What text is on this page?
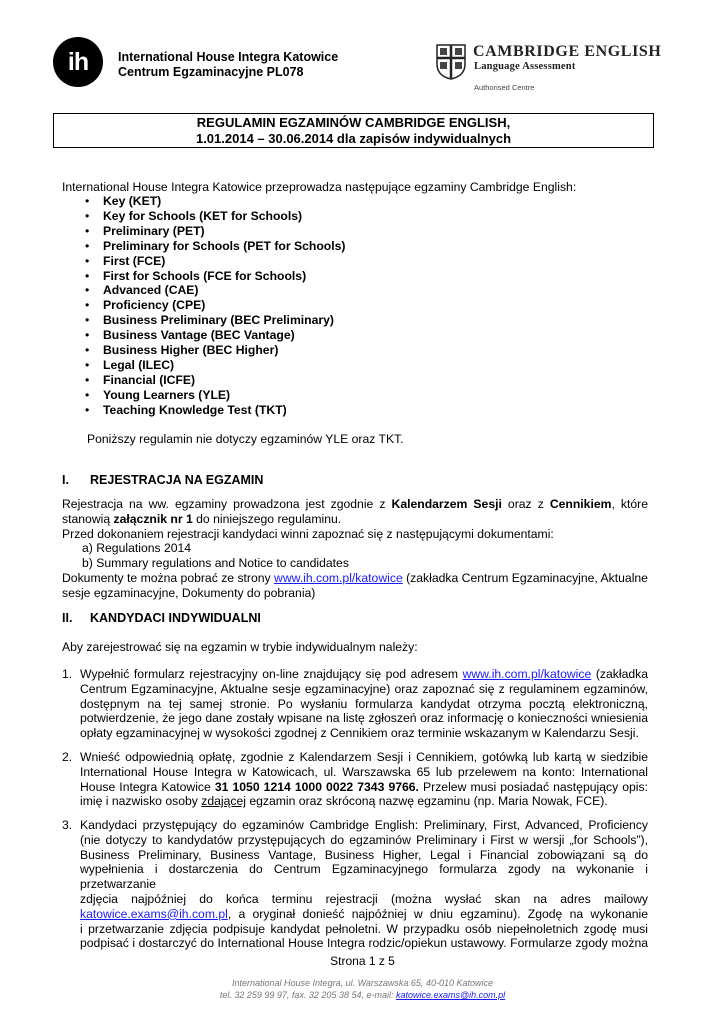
ih	International House Integra Katowice
Centrum Egzaminacyjne PL078
CAMBRIDGE ENGLISH
Language Assessment
Authorised Centre
REGULAMIN EGZAMINÓW CAMBRIDGE ENGLISH,
1.01.2014 – 30.06.2014 dla zapisów indywidualnych
International House Integra Katowice przeprowadza następujące egzaminy Cambridge English:
• Key (KET)
• Key for Schools (KET for Schools)
• Preliminary (PET)
• Preliminary for Schools (PET for Schools)
• First (FCE)
• First for Schools (FCE for Schools)
• Advanced (CAE)
• Proficiency (CPE)
• Business Preliminary (BEC Preliminary)
• Business Vantage (BEC Vantage)
• Business Higher (BEC Higher)
• Legal (ILEC)
• Financial (ICFE)
• Young Learners (YLE)
• Teaching Knowledge Test (TKT)
Poniższy regulamin nie dotyczy egzaminów YLE oraz TKT.
I. REJESTRACJA NA EGZAMIN
Rejestracja na ww. egzaminy prowadzona jest zgodnie z Kalendarzem Sesji oraz z Cennikiem, które
stanowią załącznik nr 1 do niniejszego regulaminu.
Przed dokonaniem rejestracji kandydaci winni zapoznać się z następującymi dokumentami:
a) Regulations 2014
b) Summary regulations and Notice to candidates
Dokumenty te można pobrać ze strony www.ih.com.pl/katowice (zakładka Centrum Egzaminacyjne, Aktualne
sesje egzaminacyjne, Dokumenty do pobrania)
II. KANDYDACI INDYWIDUALNI
Aby zarejestrować się na egzamin w trybie indywidualnym należy:
1. Wypełnić formularz rejestracyjny on-line znajdujący się pod adresem www.ih.com.pl/katowice (zakładka
Centrum Egzaminacyjne, Aktualne sesje egzaminacyjne) oraz zapoznać się z regulaminem egzaminów,
dostępnym na tej samej stronie. Po wysłaniu formularza kandydat otrzyma pocztą elektroniczną,
potwierdzenie, że jego dane zostały wpisane na listę zgłoszeń oraz informację o konieczności wniesienia
opłaty egzaminacyjnej w wysokości zgodnej z Cennikiem oraz terminie wskazanym w Kalendarzu Sesji.
2. Wnieść odpowiednią opłatę, zgodnie z Kalendarzem Sesji i Cennikiem, gotówką lub kartą w siedzibie
International House Integra w Katowicach, ul. Warszawska 65 lub przelewem na konto: International
House Integra Katowice 31 1050 1214 1000 0022 7343 9766. Przelew musi posiadać następujący opis:
imię i nazwisko osoby zdającej egzamin oraz skróconą nazwę egzaminu (np. Maria Nowak, FCE).
3. Kandydaci przystępujący do egzaminów Cambridge English: Preliminary, First, Advanced, Proficiency
(nie dotyczy to kandydatów przystępujących do egzaminów Preliminary i First w wersji „for Schools”),
Business Preliminary, Business Vantage, Business Higher, Legal i Financial zobowiązani są do
wypełnienia i dostarczenia do Centrum Egzaminacyjnego formularza zgody na wykonanie i przetwarzanie
zdjęcia najpóźniej do końca terminu rejestracji (można wysłać skan na adres mailowy
katowice.exams@ih.com.pl, a oryginał donieść najpóźniej w dniu egzaminu). Zgodę na wykonanie
i przetwarzanie zdjęcia podpisuje kandydat pełnoletni. W przypadku osób niepełnoletnich zgodę musi
podpisać i dostarczyć do International House Integra rodzic/opiekun ustawowy. Formularze zgody można
Strona 1 z 5
International House Integra, ul. Warszawska 65, 40-010 Katowice
tel. 32 259 99 97, fax. 32 205 38 54, e-mail: katowice.exams@ih.com.pl
